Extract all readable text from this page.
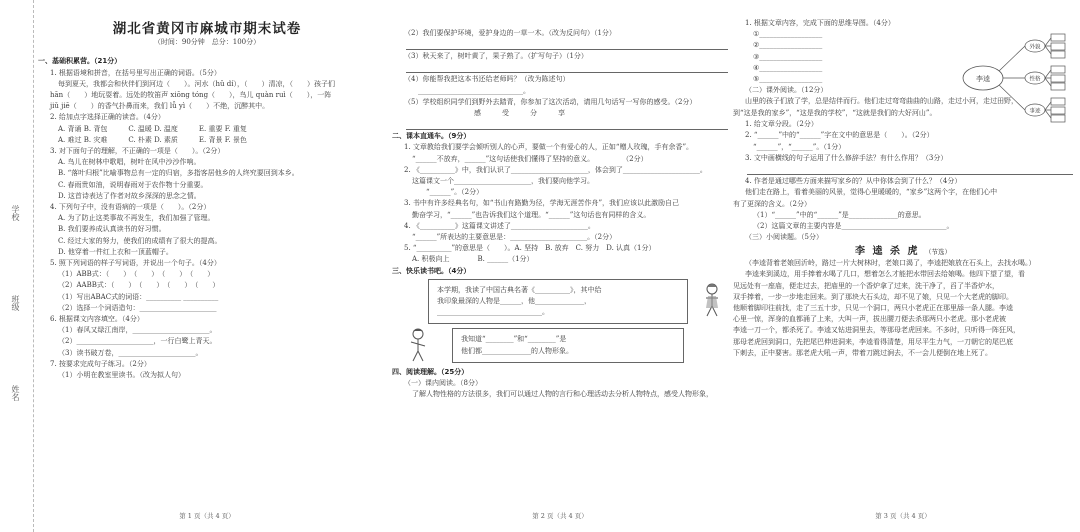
学校
班级
姓名
湖北省黄冈市麻城市期末试卷
（时间：90分钟　总分：100分）
一、基础积累营。（21分）
1. 根据语境和拼音，在括号里写出正确的词语。（5分）
每到夏天，我都会和伙伴们到河边（　　）。河水（hǔ dí），（　　）清凉，（　　）孩子们
hān（　　）地玩耍着。远处的牧笛声 xiōng tóng（　　），鸟儿 quàn ruì（　　），一阵
jiǔ jiē（　　）的香气扑鼻而来，我们 lǚ yì（　　）不绝，沉醉其中。
2. 给加点字选择正确的读音。（4分）
A. 背诵 B. 背包　　　C. 温暖 D. 温度　　　E. 重要 F. 重复
A. 难过 B. 灾难　　　C. 朴素 D. 素质　　　E. 背景 F. 景色
3. 对下面句子的理解，不正确的一项是（　　）。（2分）
A. 鸟儿在树林中歌唱，树叶在风中沙沙作响。
B. “落叶归根”比喻事物总有一定的归宿，多指客居他乡的人终究要回到本乡。
C. 春雨贵如油，说明春雨对于农作物十分重要。
D. 这首诗表达了作者对故乡深深的思念之情。
4. 下列句子中，没有语病的一项是（　　）。（2分）
A. 为了防止这类事故不再发生，我们加强了管理。
B. 我们要养成认真读书的好习惯。
C. 经过大家的努力，使我们的成绩有了很大的提高。
D. 他穿着一件红上衣和一顶蓝帽子。
5. 照下列词语的样子写词语，并说出一个句子。（4分）
（1）ABB式：（　　）　（　　）　（　　）　（　　）
（2）AABB式：（　　）　（　　）　（　　）　（　　）
（1）写出ABAC式的词语：__________ __________
（2）选择一个词语造句：______________________
6. 根据课文内容填空。（4分）
（1）春风又绿江南岸，______________________。
（2）______________________，一行白鹭上青天。
（3）读书破万卷，______________________。
7. 按要求完成句子练习。（2分）
（1）小明在教室里读书。（改为拟人句）
第 1 页（共 4 页）
（2）我们要保护环境，爱护身边的一草一木。（改为反问句）（1分）
（3）秋天来了，树叶黄了，果子熟了。（扩写句子）（1分）
（4）你能帮我把这本书还给老师吗？（改为陈述句）
　　______________________________。
（5）学校组织同学们到野外去踏青，你参加了这次活动，请用几句话写一写你的感受。（2分）
　　　　　　　　　　感　　　受　　　分　　　享
二、课本直通车。（9分）
1. 文章教给我们要学会倾听别人的心声，要做一个有爱心的人，正如“赠人玫瑰，手有余香”。
“______不放弃，______”这句话使我们懂得了坚持的意义。　　　　　（2分）
2. 《__________》中，我们认识了______________________，体会到了______________________。
这篇课文一个______________________，我们要向他学习。
　　“______”。（2分）
3. 书中有许多经典名句，如“书山有路勤为径，学海无涯苦作舟”，我们应该以此激励自己
勤奋学习，“______”也告诉我们这个道理。“______”这句话也有同样的含义。
4. 《__________》这篇课文讲述了______________________。
“______”所表达的主要意思是：______________________。（2分）
5. “__________”的意思是（　　）。A. 坚持　B. 放弃　C. 努力　D. 认真（1分）
A. 积极向上　　　　B. ______（1分）
三、快乐读书吧。（4分）
本学期，我读了中国古典名著《__________》，其中给
我印象最深的人物是______，他______________，
______________________________。
我知道“________”和“________”是
他们都______________的人物形象。
四、阅读理解。（25分）
（一）课内阅读。（8分）
了解人物性格的方法很多，我们可以通过人物的言行和心理活动去分析人物特点，感受人物形象，
第 2 页（共 4 页）
1. 根据文章内容，完成下面的思维导图。（4分）
①__________________
②__________________
③__________________
④__________________
⑤__________________
（二）课外阅读。（12分）
山里的孩子们放了学，总是结伴而行。他们走过弯弯曲曲的山路，走过小河，走过田野，
到“这是我的家乡”，“这是我的学校”，“这就是我们的大好河山”。
1. 给文章分段。（2分）
2. “______”中的“______”字在文中的意思是（　　）。（2分）
“______”，“______”。（1分）
3. 文中画横线的句子运用了什么修辞手法？有什么作用？（3分）
4. 作者是通过哪些方面来描写家乡的？从中你体会到了什么？（4分）
他们走在路上，看着美丽的风景，觉得心里暖暖的，“家乡”这两个字，在他们心中
有了更深的含义。（2分）
（1）“______”中的“______”是______________的意思。
（2）这篇文章的主要内容是______________________________。
（三）小阅读题。（5分）
李逵
外貌
性格
事迹
李 逵 杀 虎 （节选）
（李逵背着老娘回沂岭，路过一片大树林时，老娘口渴了，李逵把娘放在石头上，去找水喝。）
李逵来到溪边，用手捧着水喝了几口，想着怎么才能把水带回去给娘喝。他四下望了望，看
见远处有一座庙，便走过去，把庙里的一个香炉拿了过来，洗干净了，舀了半香炉水，
双手捧着，一步一步地走回来。到了那块大石头边，却不见了娘，只见一个大老虎的脚印。
他顺着脚印往前找，走了三五十步，只见一个洞口，两只小老虎正在那里舔一条人腿。李逵
心里一惊，浑身的血都涌了上来，大叫一声，拔出腰刀便去杀那两只小老虎。那小老虎被
李逵一刀一个，都杀死了。李逵又钻进洞里去，等那母老虎回来。不多时，只听得一阵狂风，
那母老虎回到洞口，先把尾巴伸进洞来，李逵看得清楚，用尽平生力气，一刀朝它的尾巴底
下刺去，正中要害。那老虎大吼一声，带着刀跳过涧去，不一会儿便倒在地上死了。
第 3 页（共 4 页）
